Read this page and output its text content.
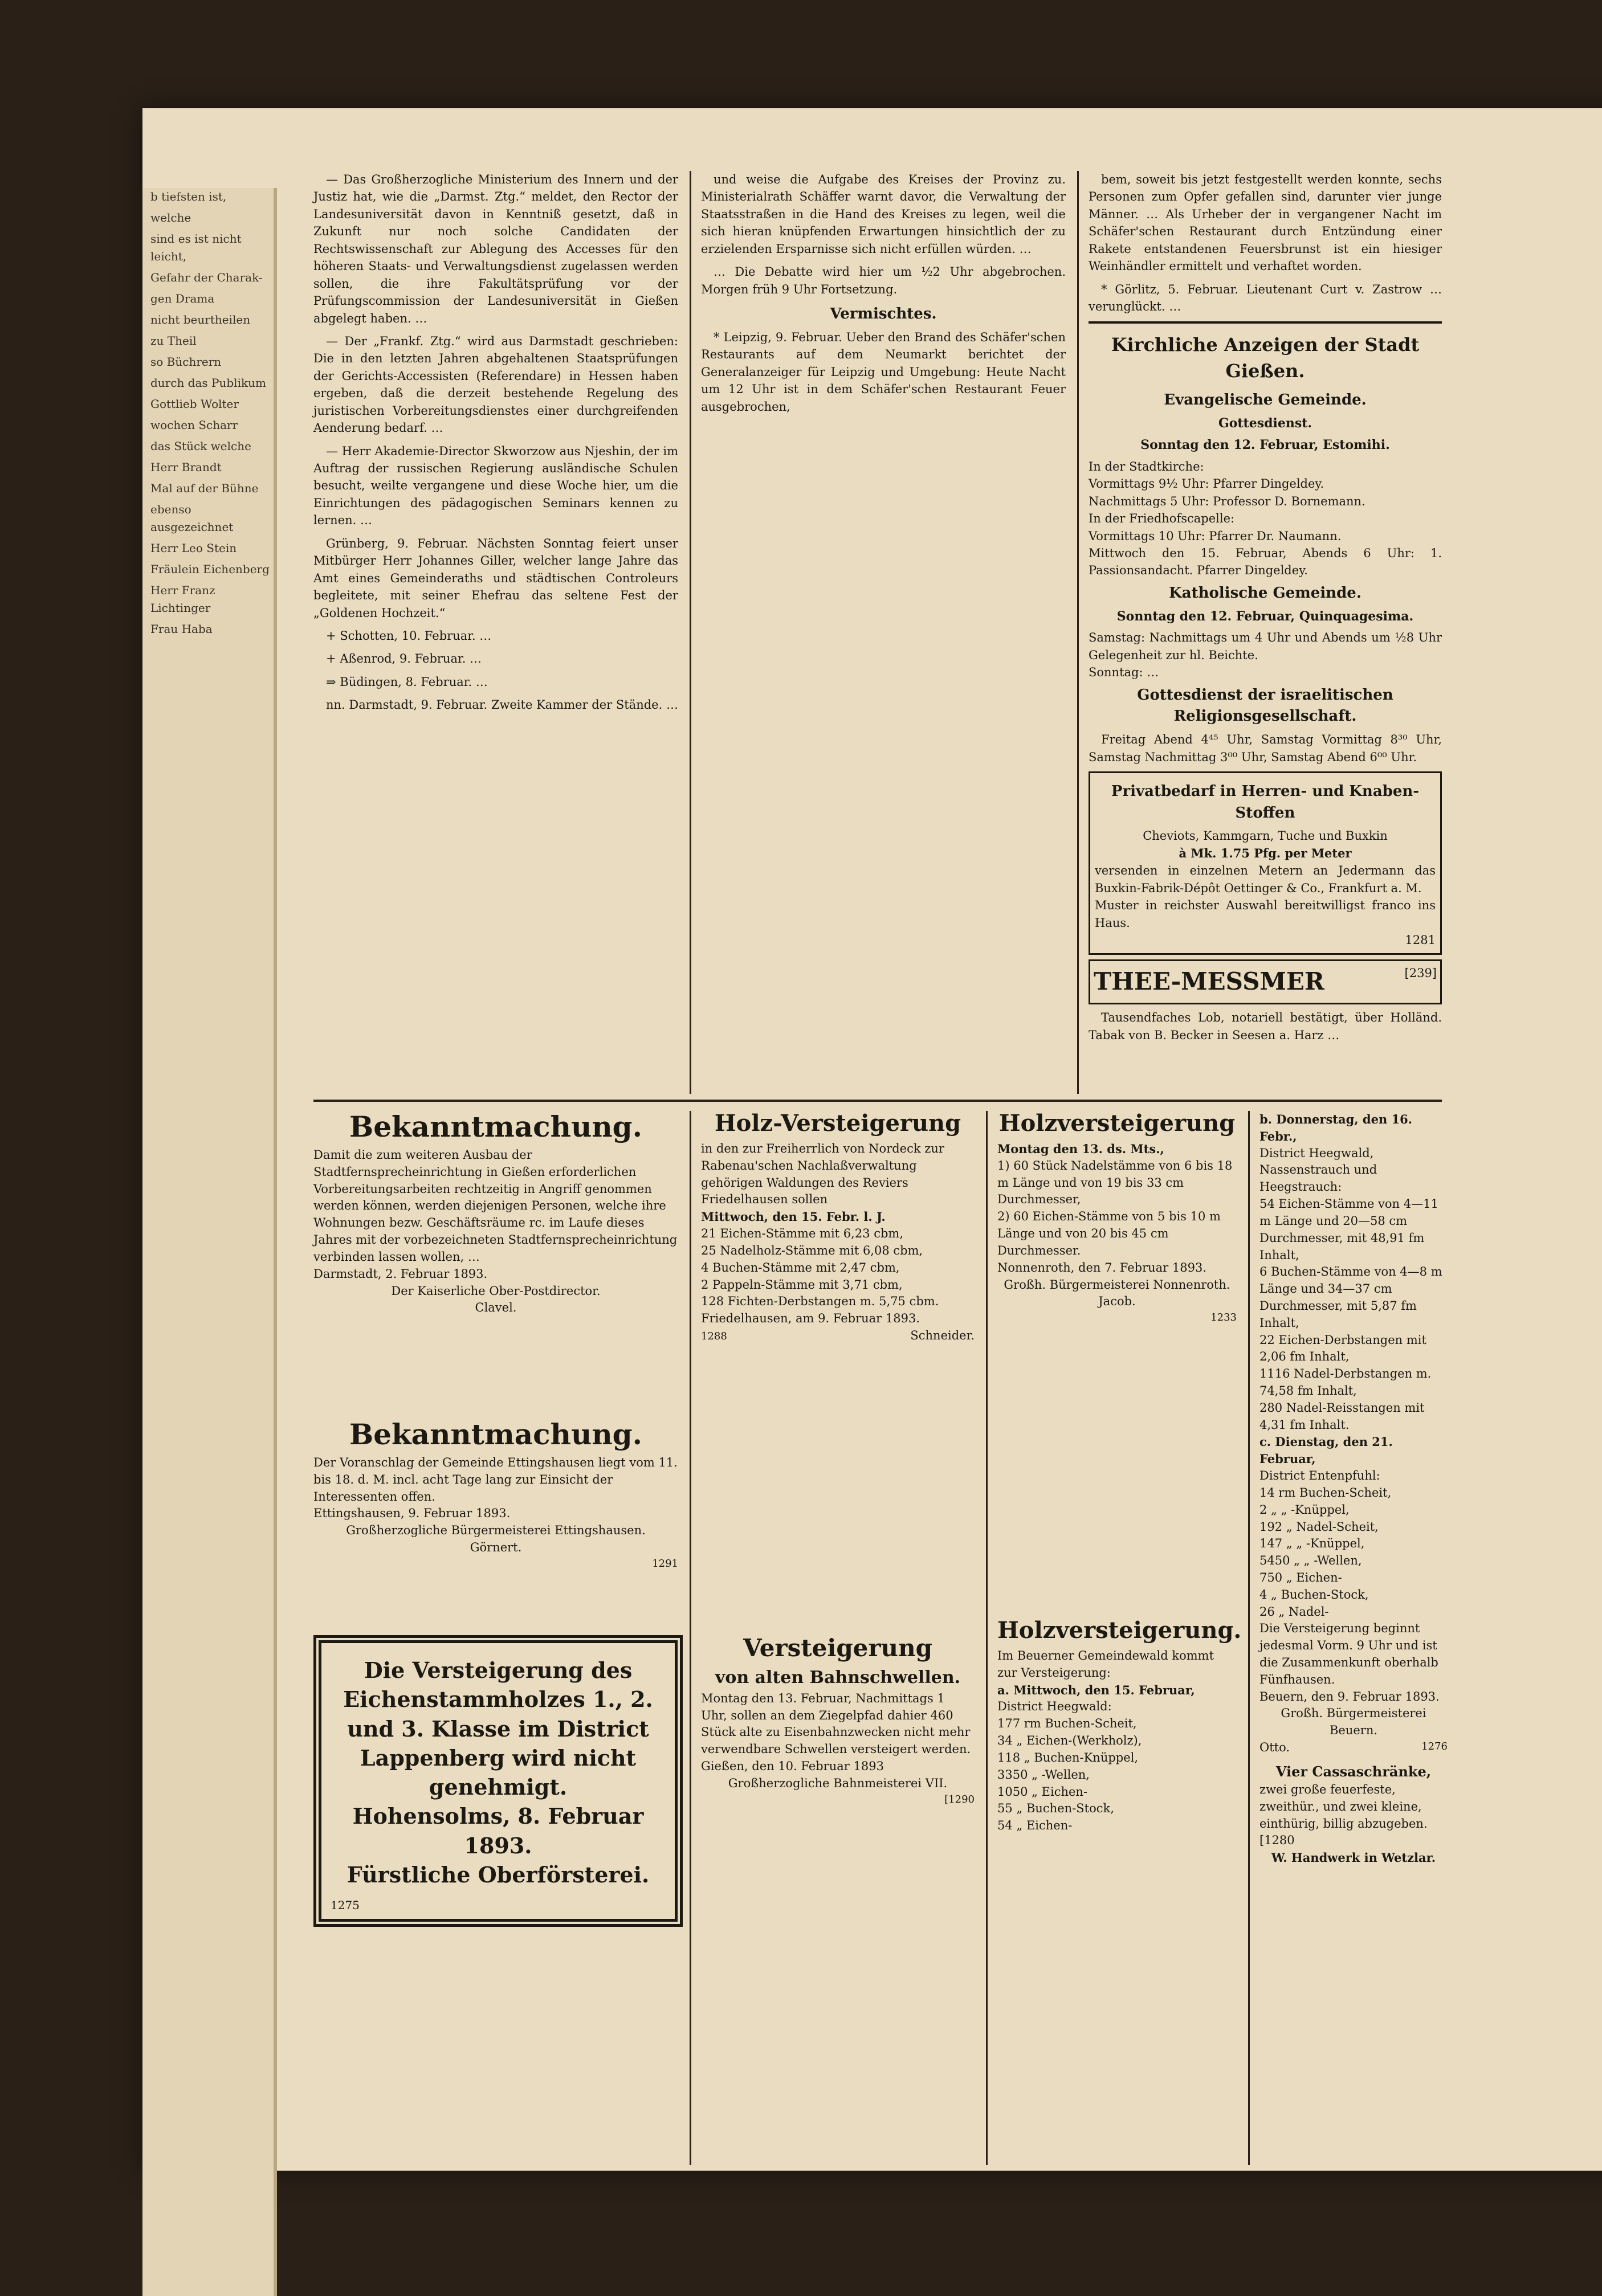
b tiefsten ist,

welche

sind es ist nicht leicht,

Gefahr der Charak-

gen Drama

nicht beurtheilen

zu Theil

so Büchrern

durch das Publikum

Gottlieb Wolter

wochen Scharr

das Stück welche

Herr Brandt

Mal auf der Bühne

ebenso ausgezeichnet

Herr Leo Stein

Fräulein Eichenberg

Herr Franz Lichtinger

Frau Haba

— Das Großherzogliche Ministerium des Innern und der Justiz hat, wie die „Darmst. Ztg.“ meldet, den Rector der Landesuniversität davon in Kenntniß gesetzt, daß in Zukunft nur noch solche Candidaten der Rechtswissenschaft zur Ablegung des Accesses für den höheren Staats- und Verwaltungsdienst zugelassen werden sollen, die ihre Fakultätsprüfung vor der Prüfungscommission der Landesuniversität in Gießen abgelegt haben. …

— Der „Frankf. Ztg.“ wird aus Darmstadt geschrieben: Die in den letzten Jahren abgehaltenen Staatsprüfungen der Gerichts-Accessisten (Referendare) in Hessen haben ergeben, daß die derzeit bestehende Regelung des juristischen Vorbereitungsdienstes einer durchgreifenden Aenderung bedarf. …

— Herr Akademie-Director Skworzow aus Njeshin, der im Auftrag der russischen Regierung ausländische Schulen besucht, weilte vergangene und diese Woche hier, um die Einrichtungen des pädagogischen Seminars kennen zu lernen. …

Grünberg, 9. Februar. Nächsten Sonntag feiert unser Mitbürger Herr Johannes Giller, welcher lange Jahre das Amt eines Gemeinderaths und städtischen Controleurs begleitete, mit seiner Ehefrau das seltene Fest der „Goldenen Hochzeit.“

+ Schotten, 10. Februar. …

+ Aßenrod, 9. Februar. …

⇒ Büdingen, 8. Februar. …

nn. Darmstadt, 9. Februar. Zweite Kammer der Stände. …

und weise die Aufgabe des Kreises der Provinz zu. Ministerialrath Schäffer warnt davor, die Verwaltung der Staatsstraßen in die Hand des Kreises zu legen, weil die sich hieran knüpfenden Erwartungen hinsichtlich der zu erzielenden Ersparnisse sich nicht erfüllen würden. …

… Die Debatte wird hier um ½2 Uhr abgebrochen. Morgen früh 9 Uhr Fortsetzung.

Vermischtes.

* Leipzig, 9. Februar. Ueber den Brand des Schäfer'schen Restaurants auf dem Neumarkt berichtet der Generalanzeiger für Leipzig und Umgebung: Heute Nacht um 12 Uhr ist in dem Schäfer'schen Restaurant Feuer ausgebrochen,

bem, soweit bis jetzt festgestellt werden konnte, sechs Personen zum Opfer gefallen sind, darunter vier junge Männer. … Als Urheber der in vergangener Nacht im Schäfer'schen Restaurant durch Entzündung einer Rakete entstandenen Feuersbrunst ist ein hiesiger Weinhändler ermittelt und verhaftet worden.

* Görlitz, 5. Februar. Lieutenant Curt v. Zastrow … verunglückt. …

Kirchliche Anzeigen der Stadt Gießen.
Evangelische Gemeinde.
Gottesdienst.
Sonntag den 12. Februar, Estomihi.
In der Stadtkirche:
Vormittags 9½ Uhr: Pfarrer Dingeldey.
Nachmittags 5 Uhr: Professor D. Bornemann.
In der Friedhofscapelle:
Vormittags 10 Uhr: Pfarrer Dr. Naumann.
Mittwoch den 15. Februar, Abends 6 Uhr: 1. Passionsandacht. Pfarrer Dingeldey.
Katholische Gemeinde.
Sonntag den 12. Februar, Quinquagesima.
Samstag: Nachmittags um 4 Uhr und Abends um ½8 Uhr Gelegenheit zur hl. Beichte.
Sonntag: …
Gottesdienst der israelitischen Religionsgesellschaft.

Freitag Abend 4⁴⁵ Uhr, Samstag Vormittag 8³⁰ Uhr, Samstag Nachmittag 3⁰⁰ Uhr, Samstag Abend 6⁰⁰ Uhr.

Privatbedarf in Herren- und Knaben-Stoffen
Cheviots, Kammgarn, Tuche und Buxkin
à Mk. 1.75 Pfg. per Meter
versenden in einzelnen Metern an Jedermann das Buxkin-Fabrik-Dépôt Oettinger & Co., Frankfurt a. M.
Muster in reichster Auswahl bereitwilligst franco ins Haus.
1281
THEE-MESSMER	[239]

Tausendfaches Lob, notariell bestätigt, über Holländ. Tabak von B. Becker in Seesen a. Harz …

Bekanntmachung.
Damit die zum weiteren Ausbau der Stadtfernsprecheinrichtung in Gießen erforderlichen Vorbereitungsarbeiten rechtzeitig in Angriff genommen werden können, werden diejenigen Personen, welche ihre Wohnungen bezw. Geschäftsräume rc. im Laufe dieses Jahres mit der vorbezeichneten Stadtfernsprecheinrichtung verbinden lassen wollen, …
Darmstadt, 2. Februar 1893.
Der Kaiserliche Ober-Postdirector.
Clavel.
Bekanntmachung.
Der Voranschlag der Gemeinde Ettingshausen liegt vom 11. bis 18. d. M. incl. acht Tage lang zur Einsicht der Interessenten offen.
Ettingshausen, 9. Februar 1893.
Großherzogliche Bürgermeisterei Ettingshausen.
Görnert.
1291
Die Versteigerung des Eichenstammholzes 1., 2. und 3. Klasse im District Lappenberg wird nicht genehmigt.
Hohensolms, 8. Februar 1893.
Fürstliche Oberförsterei.
1275
Holz-Versteigerung
in den zur Freiherrlich von Nordeck zur Rabenau'schen Nachlaßverwaltung gehörigen Waldungen des Reviers Friedelhausen sollen
Mittwoch, den 15. Febr. l. J.
21 Eichen-Stämme mit 6,23 cbm,
25 Nadelholz-Stämme mit 6,08 cbm,
4 Buchen-Stämme mit 2,47 cbm,
2 Pappeln-Stämme mit 3,71 cbm,
128 Fichten-Derbstangen m. 5,75 cbm.
Friedelhausen, am 9. Februar 1893.
1288	Schneider.
Versteigerung
von alten Bahnschwellen.
Montag den 13. Februar, Nachmittags 1 Uhr, sollen an dem Ziegelpfad dahier 460 Stück alte zu Eisenbahnzwecken nicht mehr verwendbare Schwellen versteigert werden.
Gießen, den 10. Februar 1893
Großherzogliche Bahnmeisterei VII.
[1290
Holzversteigerung
Montag den 13. ds. Mts.,
1) 60 Stück Nadelstämme von 6 bis 18 m Länge und von 19 bis 33 cm Durchmesser,
2) 60 Eichen-Stämme von 5 bis 10 m Länge und von 20 bis 45 cm Durchmesser.
Nonnenroth, den 7. Februar 1893.
Großh. Bürgermeisterei Nonnenroth.
Jacob.
1233
Holzversteigerung.
Im Beuerner Gemeindewald kommt zur Versteigerung:
a. Mittwoch, den 15. Februar,
District Heegwald:
177 rm Buchen-Scheit,
34 „ Eichen-(Werkholz),
118 „ Buchen-Knüppel,
3350 „ -Wellen,
1050 „ Eichen-
55 „ Buchen-Stock,
54 „ Eichen-
b. Donnerstag, den 16. Febr.,
District Heegwald, Nassenstrauch und Heegstrauch:
54 Eichen-Stämme von 4—11 m Länge und 20—58 cm Durchmesser, mit 48,91 fm Inhalt,
6 Buchen-Stämme von 4—8 m Länge und 34—37 cm Durchmesser, mit 5,87 fm Inhalt,
22 Eichen-Derbstangen mit 2,06 fm Inhalt,
1116 Nadel-Derbstangen m. 74,58 fm Inhalt,
280 Nadel-Reisstangen mit 4,31 fm Inhalt.
c. Dienstag, den 21. Februar,
District Entenpfuhl:
14 rm Buchen-Scheit,
2 „ „ -Knüppel,
192 „ Nadel-Scheit,
147 „ „ -Knüppel,
5450 „ „ -Wellen,
750 „ Eichen-
4 „ Buchen-Stock,
26 „ Nadel-
Die Versteigerung beginnt jedesmal Vorm. 9 Uhr und ist die Zusammenkunft oberhalb Fünfhausen.
Beuern, den 9. Februar 1893.
Großh. Bürgermeisterei Beuern.
Otto.	1276
Vier Cassaschränke,
zwei große feuerfeste, zweithür., und zwei kleine, einthürig, billig abzugeben. [1280
W. Handwerk in Wetzlar.
